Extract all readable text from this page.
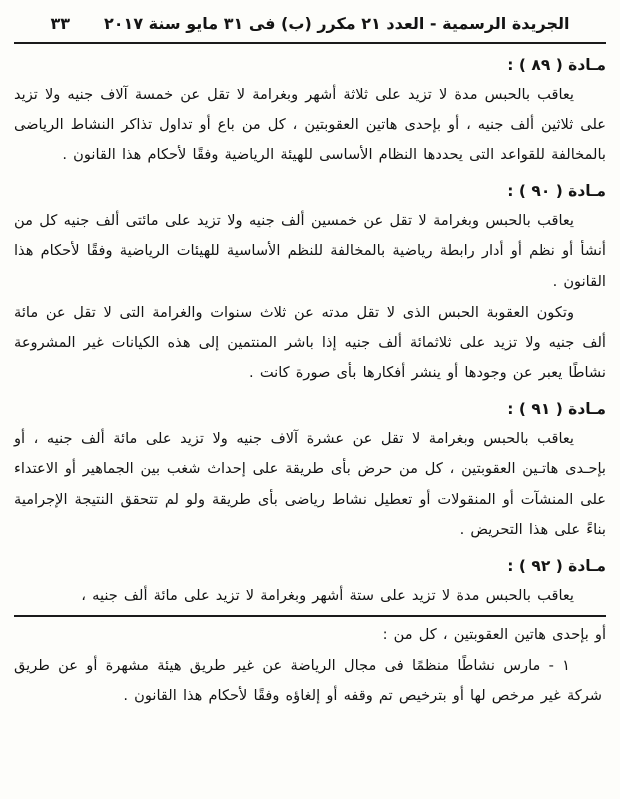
الجريدة الرسمية - العدد ٢١ مكرر (ب) فى ٣١ مايو سنة ٢٠١٧
٣٣
مـادة ( ٨٩ ) :

يعاقب بالحبس مدة لا تزيد على ثلاثة أشهر وبغرامة لا تقل عن خمسة آلاف جنيه ولا تزيد على ثلاثين ألف جنيه ، أو بإحدى هاتين العقوبتين ، كل من باع أو تداول تذاكر النشاط الرياضى بالمخالفة للقواعد التى يحددها النظام الأساسى للهيئة الرياضية وفقًا لأحكام هذا القانون .

مـادة ( ٩٠ ) :

يعاقب بالحبس وبغرامة لا تقل عن خمسين ألف جنيه ولا تزيد على مائتى ألف جنيه كل من أنشأ أو نظم أو أدار رابطة رياضية بالمخالفة للنظم الأساسية للهيئات الرياضية وفقًا لأحكام هذا القانون .

وتكون العقوبة الحبس الذى لا تقل مدته عن ثلاث سنوات والغرامة التى لا تقل عن مائة ألف جنيه ولا تزيد على ثلاثمائة ألف جنيه إذا باشر المنتمين إلى هذه الكيانات غير المشروعة نشاطًا يعبر عن وجودها أو ينشر أفكارها بأى صورة كانت .

مـادة ( ٩١ ) :

يعاقب بالحبس وبغرامة لا تقل عن عشرة آلاف جنيه ولا تزيد على مائة ألف جنيه ، أو بإحـدى هاتـين العقوبتين ، كل من حرض بأى طريقة على إحداث شغب بين الجماهير أو الاعتداء على المنشآت أو المنقولات أو تعطيل نشاط رياضى بأى طريقة ولو لم تتحقق النتيجة الإجرامية بناءً على هذا التحريض .

مـادة ( ٩٢ ) :

يعاقب بالحبس مدة لا تزيد على ستة أشهر وبغرامة لا تزيد على مائة ألف جنيه ،

أو بإحدى هاتين العقوبتين ، كل من :

١ - مارس نشاطًا منظمًا فى مجال الرياضة عن غير طريق هيئة مشهرة أو عن طريق شركة غير مرخص لها أو بترخيص تم وقفه أو إلغاؤه وفقًا لأحكام هذا القانون .
